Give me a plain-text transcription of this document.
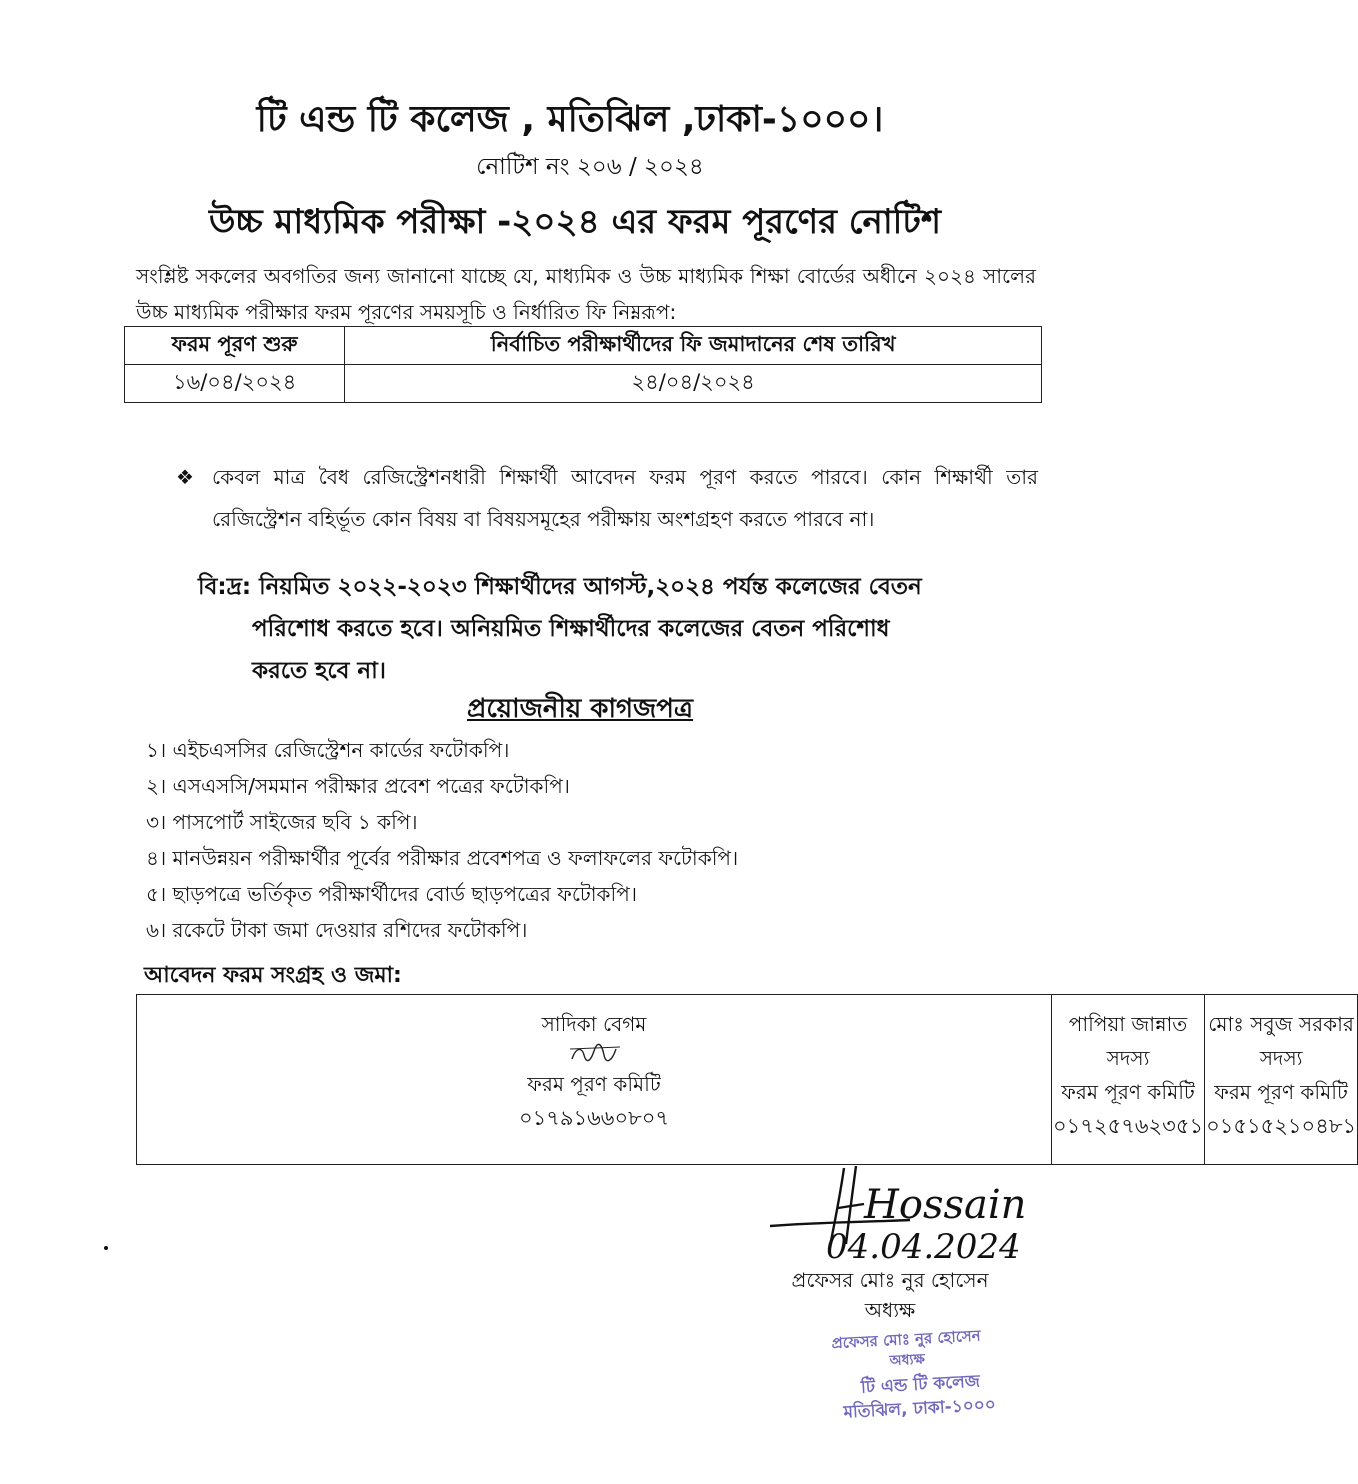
টি এন্ড টি কলেজ , মতিঝিল ,ঢাকা-১০০০।
নোটিশ নং ২০৬ / ২০২৪
উচ্চ মাধ্যমিক পরীক্ষা -২০২৪ এর ফরম পূরণের নোটিশ
সংশ্লিষ্ট সকলের অবগতির জন্য জানানো যাচ্ছে যে, মাধ্যমিক ও উচ্চ মাধ্যমিক শিক্ষা বোর্ডের অধীনে ২০২৪ সালের উচ্চ মাধ্যমিক পরীক্ষার ফরম পূরণের সময়সূচি ও নির্ধারিত ফি নিম্নরূপ:
ফরম পূরণ শুরু	নির্বাচিত পরীক্ষার্থীদের ফি জমাদানের শেষ তারিখ
১৬/০৪/২০২৪	২৪/০৪/২০২৪
❖ কেবল মাত্র বৈধ রেজিস্ট্রেশনধারী শিক্ষার্থী আবেদন ফরম পূরণ করতে পারবে। কোন শিক্ষার্থী তার রেজিস্ট্রেশন বহির্ভূত কোন বিষয় বা বিষয়সমূহের পরীক্ষায় অংশগ্রহণ করতে পারবে না।
বি:দ্র: নিয়মিত ২০২২-২০২৩ শিক্ষার্থীদের আগস্ট,২০২৪ পর্যন্ত কলেজের বেতন
পরিশোধ করতে হবে। অনিয়মিত শিক্ষার্থীদের কলেজের বেতন পরিশোধ
করতে হবে না।
প্রয়োজনীয় কাগজপত্র
১। এইচএসসির রেজিস্ট্রেশন কার্ডের ফটোকপি।
২। এসএসসি/সমমান পরীক্ষার প্রবেশ পত্রের ফটোকপি।
৩। পাসপোর্ট সাইজের ছবি ১ কপি।
৪। মানউন্নয়ন পরীক্ষার্থীর পূর্বের পরীক্ষার প্রবেশপত্র ও ফলাফলের ফটোকপি।
৫। ছাড়পত্রে ভর্তিকৃত পরীক্ষার্থীদের বোর্ড ছাড়পত্রের ফটোকপি।
৬। রকেটে টাকা জমা দেওয়ার রশিদের ফটোকপি।
আবেদন ফরম সংগ্রহ ও জমা:
সাদিকা বেগম
ফরম পূরণ কমিটি
০১৭৯১৬৬০৮০৭

পাপিয়া জান্নাত
সদস্য
ফরম পূরণ কমিটি
০১৭২৫৭৬২৩৫১

মোঃ সবুজ সরকার
সদস্য
ফরম পূরণ কমিটি
০১৫১৫২১০৪৮১
Hossain
04.04.2024
প্রফেসর মোঃ নুর হোসেন
অধ্যক্ষ
প্রফেসর মোঃ নুর হোসেন
অধ্যক্ষ
টি এন্ড টি কলেজ
মতিঝিল, ঢাকা-১০০০
